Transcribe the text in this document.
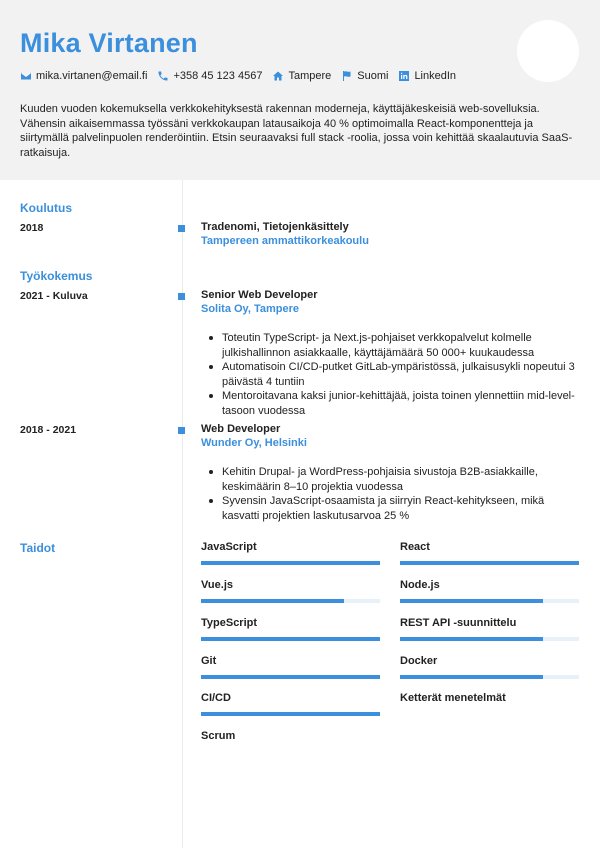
Mika Virtanen
mika.virtanen@email.fi +358 45 123 4567 Tampere Suomi LinkedIn
Kuuden vuoden kokemuksella verkkokehityksestä rakennan moderneja, käyttäjäkeskeisiä web-sovelluksia. Vähensin aikaisemmassa työssäni verkkokaupan latausaikoja 40 % optimoimalla React-komponentteja ja siirtymällä palvelinpuolen renderöintiin. Etsin seuraavaksi full stack -roolia, jossa voin kehittää skaalautuvia SaaS-ratkaisuja.
Koulutus
2018	Tradenomi, Tietojenkäsittely
Tampereen ammattikorkeakoulu
Työkokemus
2021 - Kuluva	Senior Web Developer
Solita Oy, Tampere
Toteutin TypeScript- ja Next.js-pohjaiset verkkopalvelut kolmelle julkishallinnon asiakkaalle, käyttäjämäärä 50 000+ kuukaudessa
Automatisoin CI/CD-putket GitLab-ympäristössä, julkaisusykli nopeutui 3 päivästä 4 tuntiin
Mentoroitavana kaksi junior-kehittäjää, joista toinen ylennettiin mid-level-tasoon vuodessa
2018 - 2021	Web Developer
Wunder Oy, Helsinki
Kehitin Drupal- ja WordPress-pohjaisia sivustoja B2B-asiakkaille, keskimäärin 8–10 projektia vuodessa
Syvensin JavaScript-osaamista ja siirryin React-kehitykseen, mikä kasvatti projektien laskutusarvoa 25 %
Taidot	JavaScript	React
Vue.js	Node.js
TypeScript	REST API -suunnittelu
Git	Docker
CI/CD	Ketterät menetelmät
Scrum
